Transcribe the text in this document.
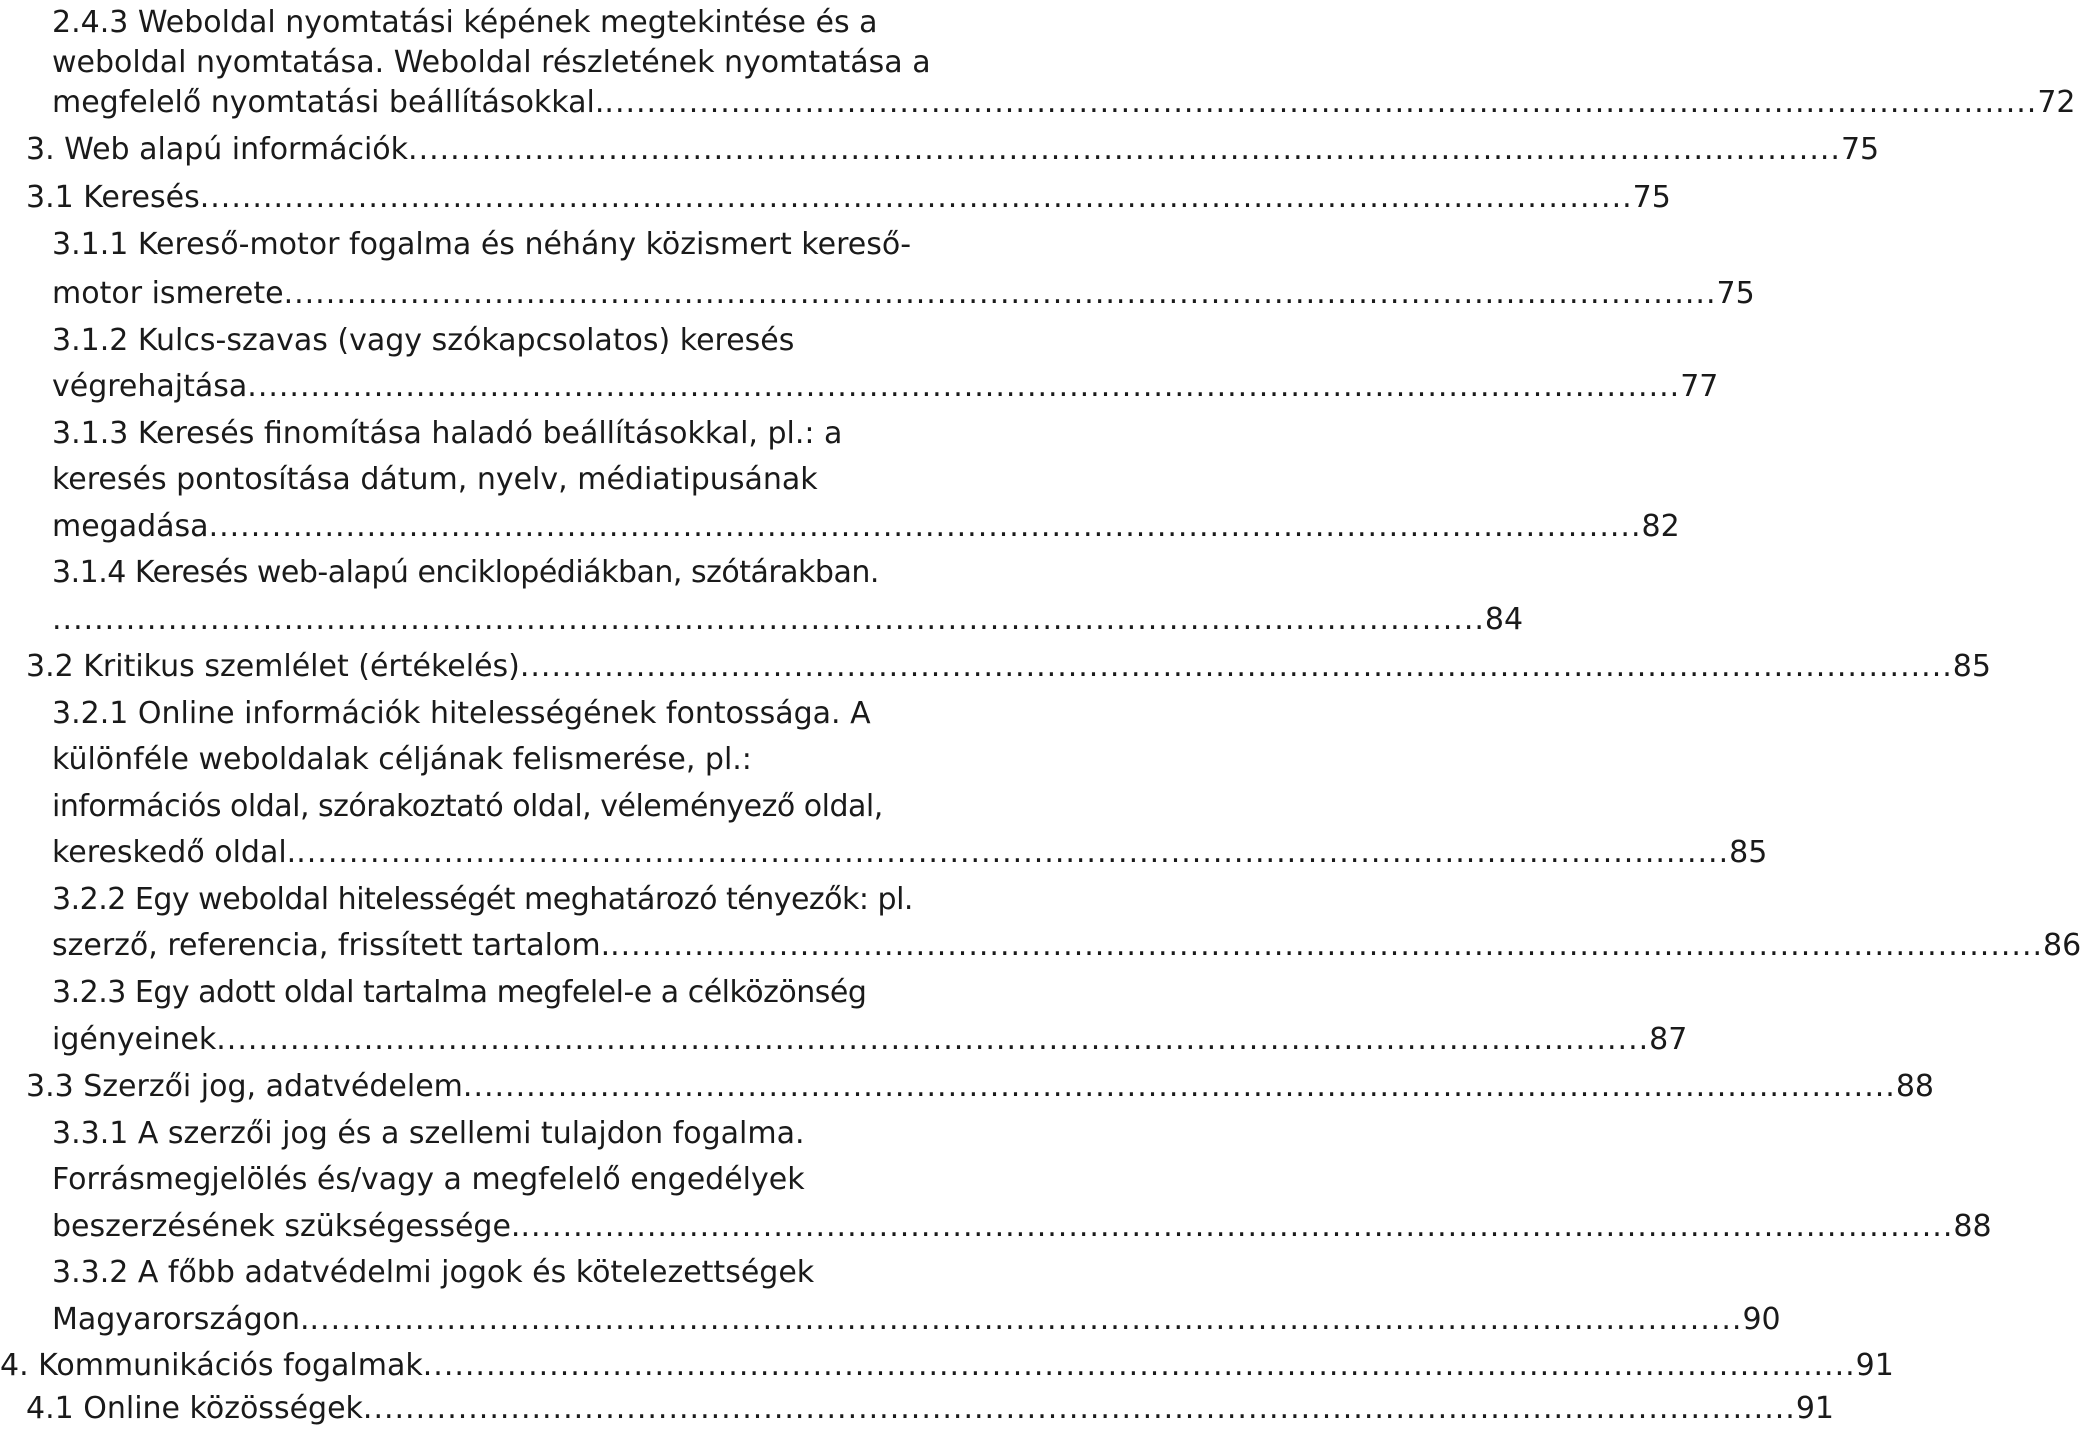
2.4.3 Weboldal nyomtatási képének megtekintése és a
weboldal nyomtatása. Weboldal részletének nyomtatása a
megfelelő nyomtatási beállításokkal. ........................................................................................................................................ 72
3. Web alapú információk ........................................................................................................................................ 75
3.1 Keresés ........................................................................................................................................ 75
3.1.1 Kereső-motor fogalma és néhány közismert kereső-
motor ismerete ........................................................................................................................................ 75
3.1.2 Kulcs-szavas (vagy szókapcsolatos) keresés
végrehajtása ........................................................................................................................................ 77
3.1.3 Keresés finomítása haladó beállításokkal, pl.: a
keresés pontosítása dátum, nyelv, médiatipusának
megadása ........................................................................................................................................ 82
3.1.4 Keresés web-alapú enciklopédiákban, szótárakban.
........................................................................................................................................ 84
3.2 Kritikus szemlélet (értékelés) ........................................................................................................................................ 85
3.2.1 Online információk hitelességének fontossága. A
különféle weboldalak céljának felismerése, pl.:
információs oldal, szórakoztató oldal, véleményező oldal,
kereskedő oldal. ........................................................................................................................................ 85
3.2.2 Egy weboldal hitelességét meghatározó tényezők: pl.
szerző, referencia, frissített tartalom. ........................................................................................................................................ 86
3.2.3 Egy adott oldal tartalma megfelel-e a célközönség
igényeinek ........................................................................................................................................ 87
3.3 Szerzői jog, adatvédelem ........................................................................................................................................ 88
3.3.1 A szerzői jog és a szellemi tulajdon fogalma.
Forrásmegjelölés és/vagy a megfelelő engedélyek
beszerzésének szükségessége. ........................................................................................................................................ 88
3.3.2 A főbb adatvédelmi jogok és kötelezettségek
Magyarországon. ........................................................................................................................................ 90
4. Kommunikációs fogalmak ........................................................................................................................................ 91
4.1 Online közösségek ........................................................................................................................................ 91
